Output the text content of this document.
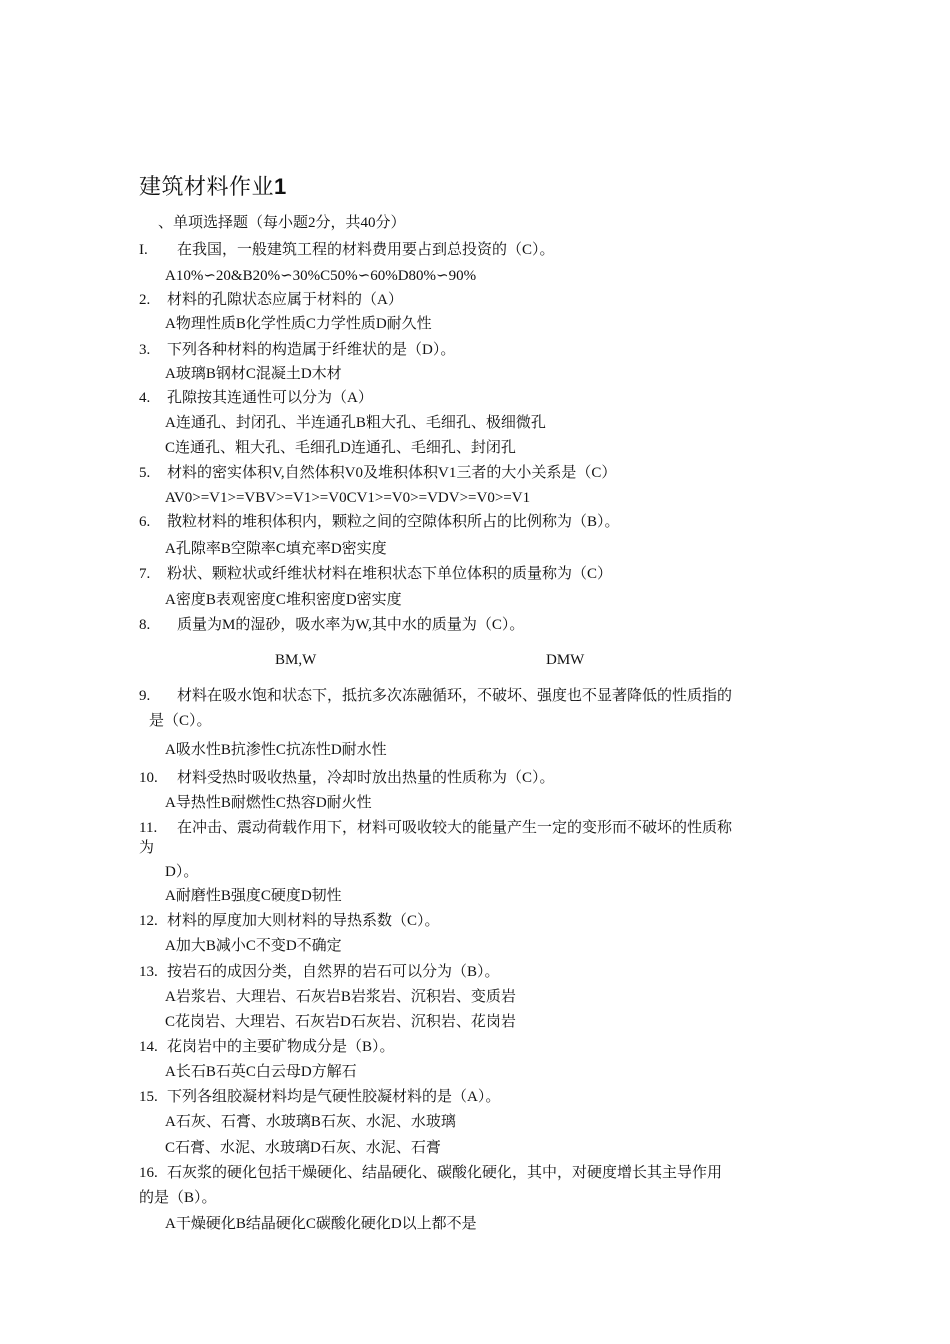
建筑材料作业1
、单项选择题（每小题2分，共40分）
I. 在我国，一般建筑工程的材料费用要占到总投资的（C）。
A10%∽20&B20%∽30%C50%∽60%D80%∽90%
2. 材料的孔隙状态应属于材料的（A）
A物理性质B化学性质C力学性质D耐久性
3. 下列各种材料的构造属于纤维状的是（D）。
A玻璃B钢材C混凝土D木材
4. 孔隙按其连通性可以分为（A）
A连通孔、封闭孔、半连通孔B粗大孔、毛细孔、极细微孔
C连通孔、粗大孔、毛细孔D连通孔、毛细孔、封闭孔
5. 材料的密实体积V,自然体积V0及堆积体积V1三者的大小关系是（C）
AV0>=V1>=VBV>=V1>=V0CV1>=V0>=VDV>=V0>=V1
6. 散粒材料的堆积体积内，颗粒之间的空隙体积所占的比例称为（B）。
A孔隙率B空隙率C填充率D密实度
7. 粉状、颗粒状或纤维状材料在堆积状态下单位体积的质量称为（C）
A密度B表观密度C堆积密度D密实度
8. 质量为M的湿砂，吸水率为W,其中水的质量为（C）。
BM,W	DMW
9. 材料在吸水饱和状态下，抵抗多次冻融循环，不破坏、强度也不显著降低的性质指的
是（C）。
A吸水性B抗渗性C抗冻性D耐水性
10. 材料受热时吸收热量，冷却时放出热量的性质称为（C）。
A导热性B耐燃性C热容D耐火性
11. 在冲击、震动荷载作用下，材料可吸收较大的能量产生一定的变形而不破坏的性质称
为
D）。
A耐磨性B强度C硬度D韧性
12. 材料的厚度加大则材料的导热系数（C）。
A加大B减小C不变D不确定
13. 按岩石的成因分类，自然界的岩石可以分为（B）。
A岩浆岩、大理岩、石灰岩B岩浆岩、沉积岩、变质岩
C花岗岩、大理岩、石灰岩D石灰岩、沉积岩、花岗岩
14. 花岗岩中的主要矿物成分是（B）。
A长石B石英C白云母D方解石
15. 下列各组胶凝材料均是气硬性胶凝材料的是（A）。
A石灰、石膏、水玻璃B石灰、水泥、水玻璃
C石膏、水泥、水玻璃D石灰、水泥、石膏
16. 石灰浆的硬化包括干燥硬化、结晶硬化、碳酸化硬化，其中，对硬度增长其主导作用
的是（B）。
A干燥硬化B结晶硬化C碳酸化硬化D以上都不是
